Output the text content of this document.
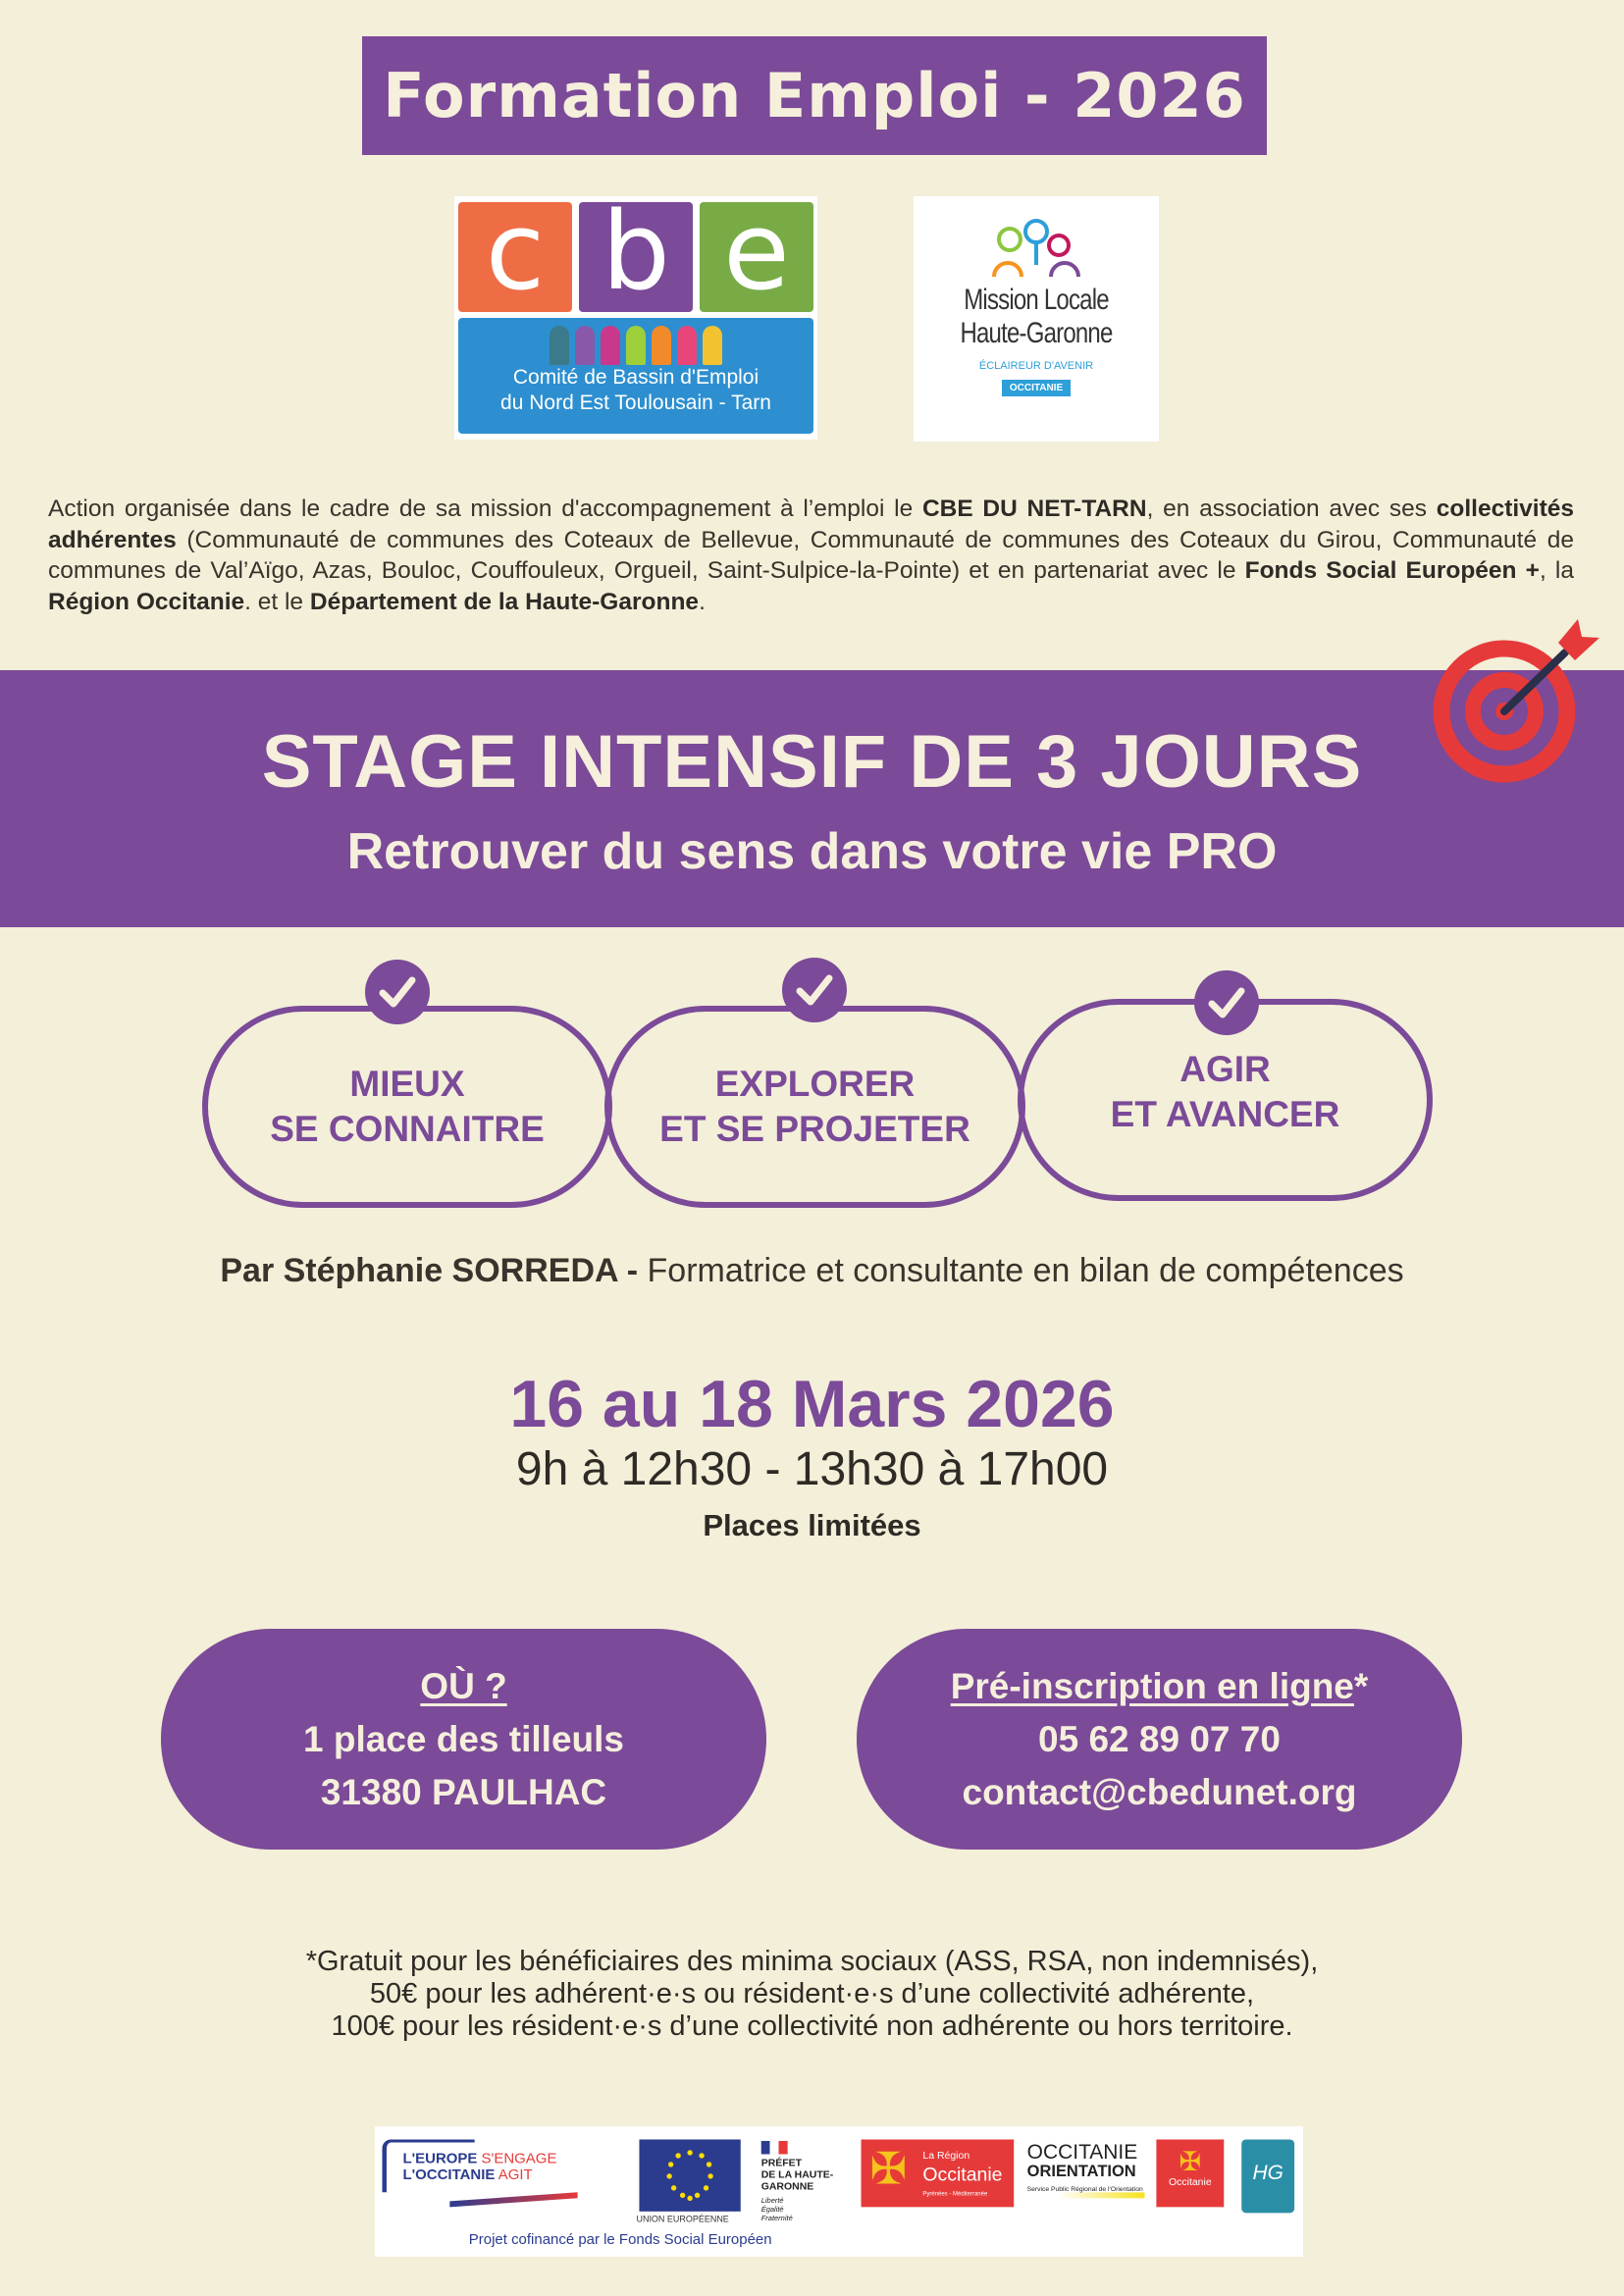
Formation Emploi - 2026
c b e
Comité de Bassin d'Emploi
du Nord Est Toulousain - Tarn
Mission Locale
Haute-Garonne
ÉCLAIREUR D'AVENIR
OCCITANIE
Action organisée dans le cadre de sa mission d'accompagnement à l’emploi le CBE DU NET-TARN, en association avec ses collectivités adhérentes (Communauté de communes des Coteaux de Bellevue, Communauté de communes des Coteaux du Girou, Communauté de communes de Val’Aïgo, Azas, Bouloc, Couffouleux, Orgueil, Saint-Sulpice-la-Pointe) et en partenariat avec le Fonds Social Européen +, la Région Occitanie. et le Département de la Haute-Garonne.
STAGE INTENSIF DE 3 JOURS
Retrouver du sens dans votre vie PRO
MIEUX
SE CONNAITRE
EXPLORER
ET SE PROJETER
AGIR
ET AVANCER
Par Stéphanie SORREDA - Formatrice et consultante en bilan de compétences
16 au 18 Mars 2026
9h à 12h30 - 13h30 à 17h00
Places limitées
OÙ ?
1 place des tilleuls
31380 PAULHAC
Pré-inscription en ligne*
05 62 89 07 70
contact@cbedunet.org
*Gratuit pour les bénéficiaires des minima sociaux (ASS, RSA, non indemnisés),
50€ pour les adhérent·e·s ou résident·e·s d’une collectivité adhérente,
100€ pour les résident·e·s d’une collectivité non adhérente ou hors territoire.
L'EUROPE S'ENGAGE
L'OCCITANIE AGIT
UNION EUROPÉENNE
PRÉFET
DE LA HAUTE-
GARONNE
Liberté
Égalité
Fraternité
✠ La Région
Occitanie
Pyrénées - Méditerranée
OCCITANIE
ORIENTATION
Service Public Régional de l'Orientation
✠
Occitanie	HG
Projet cofinancé par le Fonds Social Européen
